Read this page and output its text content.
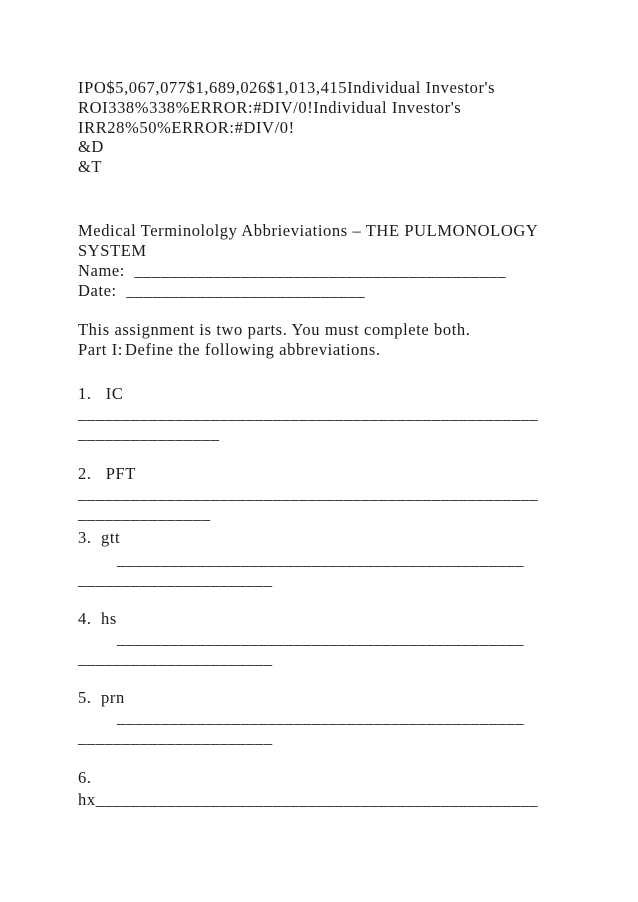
IPO$5,067,077$1,689,026$1,013,415Individual Investor's
ROI338%338%ERROR:#DIV/0!Individual Investor's
IRR28%50%ERROR:#DIV/0!
&D
&T
Medical Terminololgy Abbrieviations – THE PULMONOLOGY
SYSTEM
Name: __________________________________________
Date: ___________________________
This assignment is two parts. You must complete both.
Part I: Define the following abbreviations.
1.   IC
____________________________________________________
________________
2.   PFT
____________________________________________________
_______________
3.  gtt
______________________________________________
______________________
4.  hs
______________________________________________
______________________
5.  prn
______________________________________________
______________________
6.
hx__________________________________________________
